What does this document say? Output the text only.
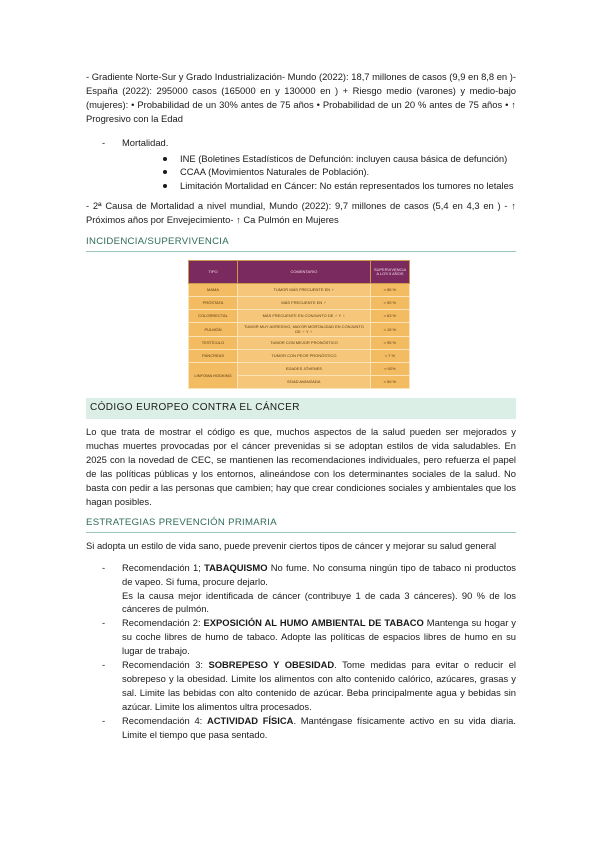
- Gradiente Norte-Sur y Grado Industrialización- Mundo (2022): 18,7 millones de casos (9,9 en 8,8 en )- España (2022): 295000 casos (165000 en y 130000 en ) + Riesgo medio (varones) y medio-bajo (mujeres): • Probabilidad de un 30% antes de 75 años • Probabilidad de un 20 % antes de 75 años • ↑ Progresivo con la Edad

- Mortalidad.
INE (Boletines Estadísticos de Defunción: incluyen causa básica de defunción)
CCAA (Movimientos Naturales de Población).
Limitación Mortalidad en Cáncer: No están representados los tumores no letales

- 2ª Causa de Mortalidad a nivel mundial, Mundo (2022): 9,7 millones de casos (5,4 en 4,3 en ) - ↑ Próximos años por Envejecimiento- ↑ Ca Pulmón en Mujeres

INCIDENCIA/SUPERVIVENCIA
TIPO	COMENTARIO	SUPERVIVENCIA A LOS 5 AÑOS
MAMA	TUMOR MÁS FRECUENTE EN ♀	≈ 85 %
PRÓSTATA	MÁS FRECUENTE EN ♂	≈ 90 %
COLORRECTAL	MÁS FRECUENTE EN CONJUNTO DE ♂ Y ♀	≈ 63 %
PULMÓN	TUMOR MUY AGRESIVO, MAYOR MORTALIDAD EN CONJUNTO DE ♂ Y ♀	≈ 15 %
TESTÍCULO	TUMOR CON MEJOR PRONÓSTICO	≈ 95 %
PÁNCREAS	TUMOR CON PEOR PRONÓSTICO	< 7 %
LINFOMA HODKING	EDADES JÓVENES	≈ 92%
	EDAD AVANZADA	≈ 50 %
CÓDIGO EUROPEO CONTRA EL CÁNCER

Lo que trata de mostrar el código es que, muchos aspectos de la salud pueden ser mejorados y muchas muertes provocadas por el cáncer prevenidas si se adoptan estilos de vida saludables. En 2025 con la novedad de CEC, se mantienen las recomendaciones individuales, pero refuerza el papel de las políticas públicas y los entornos, alineándose con los determinantes sociales de la salud. No basta con pedir a las personas que cambien; hay que crear condiciones sociales y ambientales que los hagan posibles.

ESTRATEGIAS PREVENCIÓN PRIMARIA

Si adopta un estilo de vida sano, puede prevenir ciertos tipos de cáncer y mejorar su salud general

- Recomendación 1; TABAQUISMO No fume. No consuma ningún tipo de tabaco ni productos de vapeo. Si fuma, procure dejarlo.
Es la causa mejor identificada de cáncer (contribuye 1 de cada 3 cánceres). 90 % de los cánceres de pulmón.
- Recomendación 2: EXPOSICIÓN AL HUMO AMBIENTAL DE TABACO Mantenga su hogar y su coche libres de humo de tabaco. Adopte las políticas de espacios libres de humo en su lugar de trabajo.
- Recomendación 3: SOBREPESO Y OBESIDAD. Tome medidas para evitar o reducir el sobrepeso y la obesidad. Limite los alimentos con alto contenido calórico, azúcares, grasas y sal. Limite las bebidas con alto contenido de azúcar. Beba principalmente agua y bebidas sin azúcar. Limite los alimentos ultra procesados.
- Recomendación 4: ACTIVIDAD FÍSICA. Manténgase físicamente activo en su vida diaria. Limite el tiempo que pasa sentado.
